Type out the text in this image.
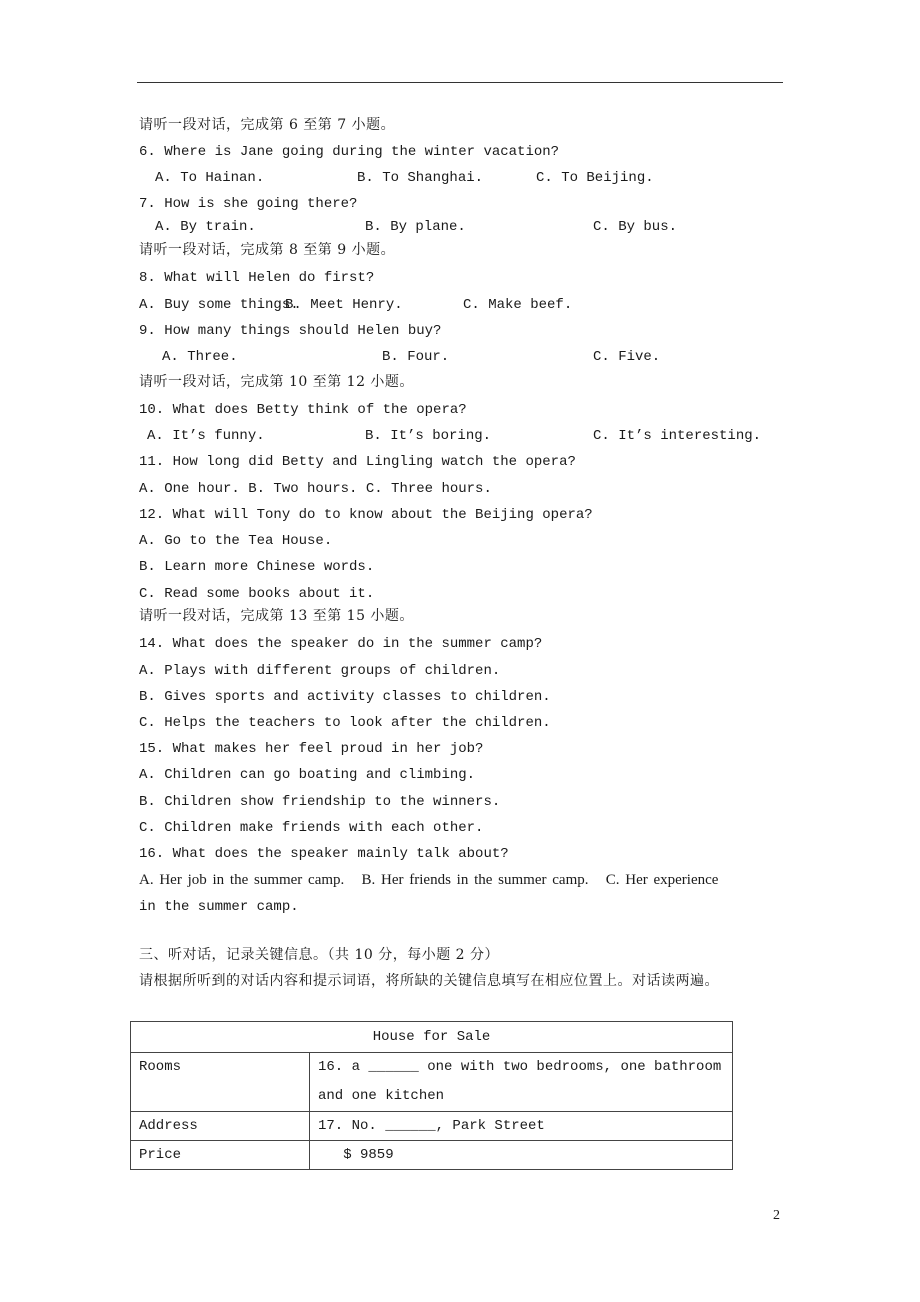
请听一段对话，完成第 6 至第 7 小题。
6. Where is Jane going during the winter vacation?
A. To Hainan.	B. To Shanghai.	C. To Beijing.
7. How is she going there?
A. By train.	B. By plane.	C. By bus.
请听一段对话，完成第 8 至第 9 小题。
8. What will Helen do first?
A. Buy some things.
B. Meet Henry.	C. Make beef.
9. How many things should Helen buy?
A. Three.	B. Four.	C. Five.
请听一段对话，完成第 10 至第 12 小题。
10. What does Betty think of the opera?
A. It’s funny.	B. It’s boring.	C. It’s interesting.
11. How long did Betty and Lingling watch the opera?
A. One hour. B. Two hours. C. Three hours.
12. What will Tony do to know about the Beijing opera?
A. Go to the Tea House.
B. Learn more Chinese words.
C. Read some books about it.
请听一段对话，完成第 13 至第 15 小题。
14. What does the speaker do in the summer camp?
A. Plays with different groups of children.
B. Gives sports and activity classes to children.
C. Helps the teachers to look after the children.
15. What makes her feel proud in her job?
A. Children can go boating and climbing.
B. Children show friendship to the winners.
C. Children make friends with each other.
16. What does the speaker mainly talk about?
A. Her job in the summer camp.   B. Her friends in the summer camp.   C. Her experience
in the summer camp.
三、听对话，记录关键信息。（共 10 分，每小题 2 分）
请根据所听到的对话内容和提示词语，将所缺的关键信息填写在相应位置上。对话读两遍。
House for Sale	
Rooms	16. a ______ one with two bedrooms, one bathroom and one kitchen
Address	17. No. ______, Park Street
Price	$ 9859
2
